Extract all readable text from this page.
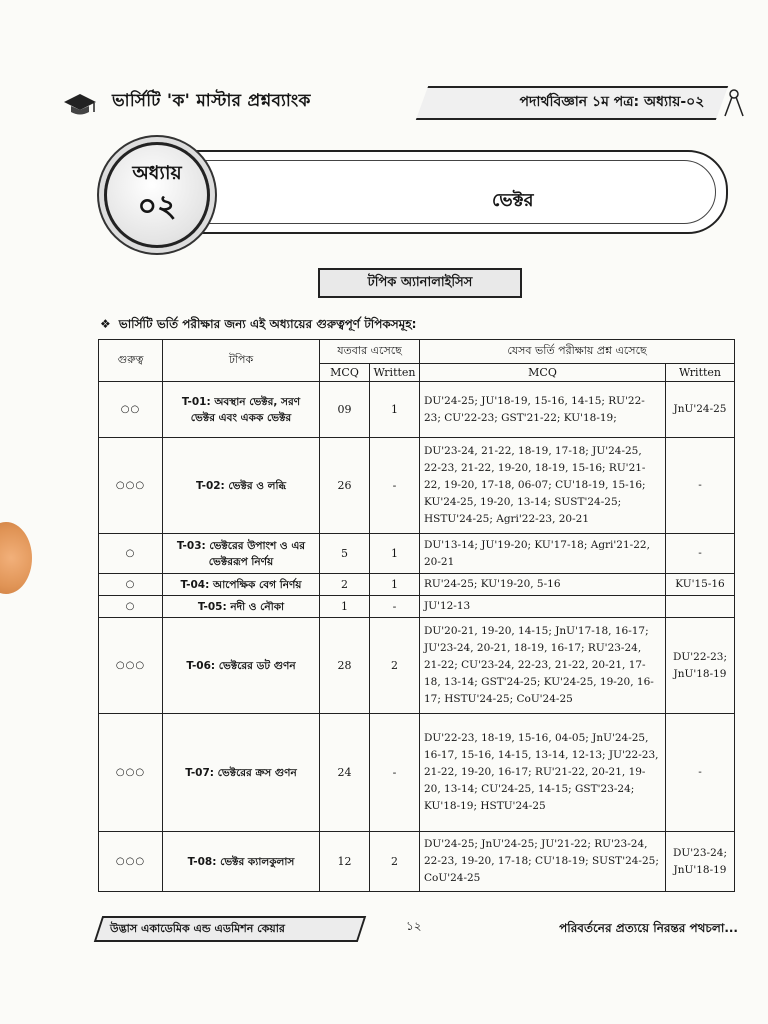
ভার্সিটি 'ক' মাস্টার প্রশ্নব্যাংক	পদার্থবিজ্ঞান ১ম পত্র: অধ্যায়-০২
ভেক্টর
অধ্যায়
০২
টপিক অ্যানালাইসিস
❖ ভার্সিটি ভর্তি পরীক্ষার জন্য এই অধ্যায়ের গুরুত্বপূর্ণ টপিকসমূহ:
গুরুত্ব	টপিক	যতবার এসেছে		যেসব ভর্তি পরীক্ষায় প্রশ্ন এসেছে	
		MCQ	Written	MCQ	Written
○○	T-01: অবস্থান ভেক্টর, সরণ ভেক্টর এবং একক ভেক্টর	09	1	DU'24-25; JU'18-19, 15-16, 14-15; RU'22-23; CU'22-23; GST'21-22; KU'18-19;	JnU'24-25
○○○	T-02: ভেক্টর ও লব্ধি	26	-	DU'23-24, 21-22, 18-19, 17-18; JU'24-25, 22-23, 21-22, 19-20, 18-19, 15-16; RU'21-22, 19-20, 17-18, 06-07; CU'18-19, 15-16; KU'24-25, 19-20, 13-14; SUST'24-25; HSTU'24-25; Agri'22-23, 20-21	-
○	T-03: ভেক্টরের উপাংশ ও এর ভেক্টররূপ নির্ণয়	5	1	DU'13-14; JU'19-20; KU'17-18; Agri'21-22, 20-21	-
○	T-04: আপেক্ষিক বেগ নির্ণয়	2	1	RU'24-25; KU'19-20, 5-16	KU'15-16
○	T-05: নদী ও নৌকা	1	-	JU'12-13	
○○○	T-06: ভেক্টরের ডট গুণন	28	2	DU'20-21, 19-20, 14-15; JnU'17-18, 16-17; JU'23-24, 20-21, 18-19, 16-17; RU'23-24, 21-22; CU'23-24, 22-23, 21-22, 20-21, 17-18, 13-14; GST'24-25; KU'24-25, 19-20, 16-17; HSTU'24-25; CoU'24-25	DU'22-23; JnU'18-19
○○○	T-07: ভেক্টরের ক্রস গুণন	24	-	DU'22-23, 18-19, 15-16, 04-05; JnU'24-25, 16-17, 15-16, 14-15, 13-14, 12-13; JU'22-23, 21-22, 19-20, 16-17; RU'21-22, 20-21, 19-20, 13-14; CU'24-25, 14-15; GST'23-24; KU'18-19; HSTU'24-25	-
○○○	T-08: ভেক্টর ক্যালকুলাস	12	2	DU'24-25; JnU'24-25; JU'21-22; RU'23-24, 22-23, 19-20, 17-18; CU'18-19; SUST'24-25; CoU'24-25	DU'23-24; JnU'18-19
উদ্ভাস একাডেমিক এন্ড এডমিশন কেয়ার	১২	পরিবর্তনের প্রত্যয়ে নিরন্তর পথচলা...
